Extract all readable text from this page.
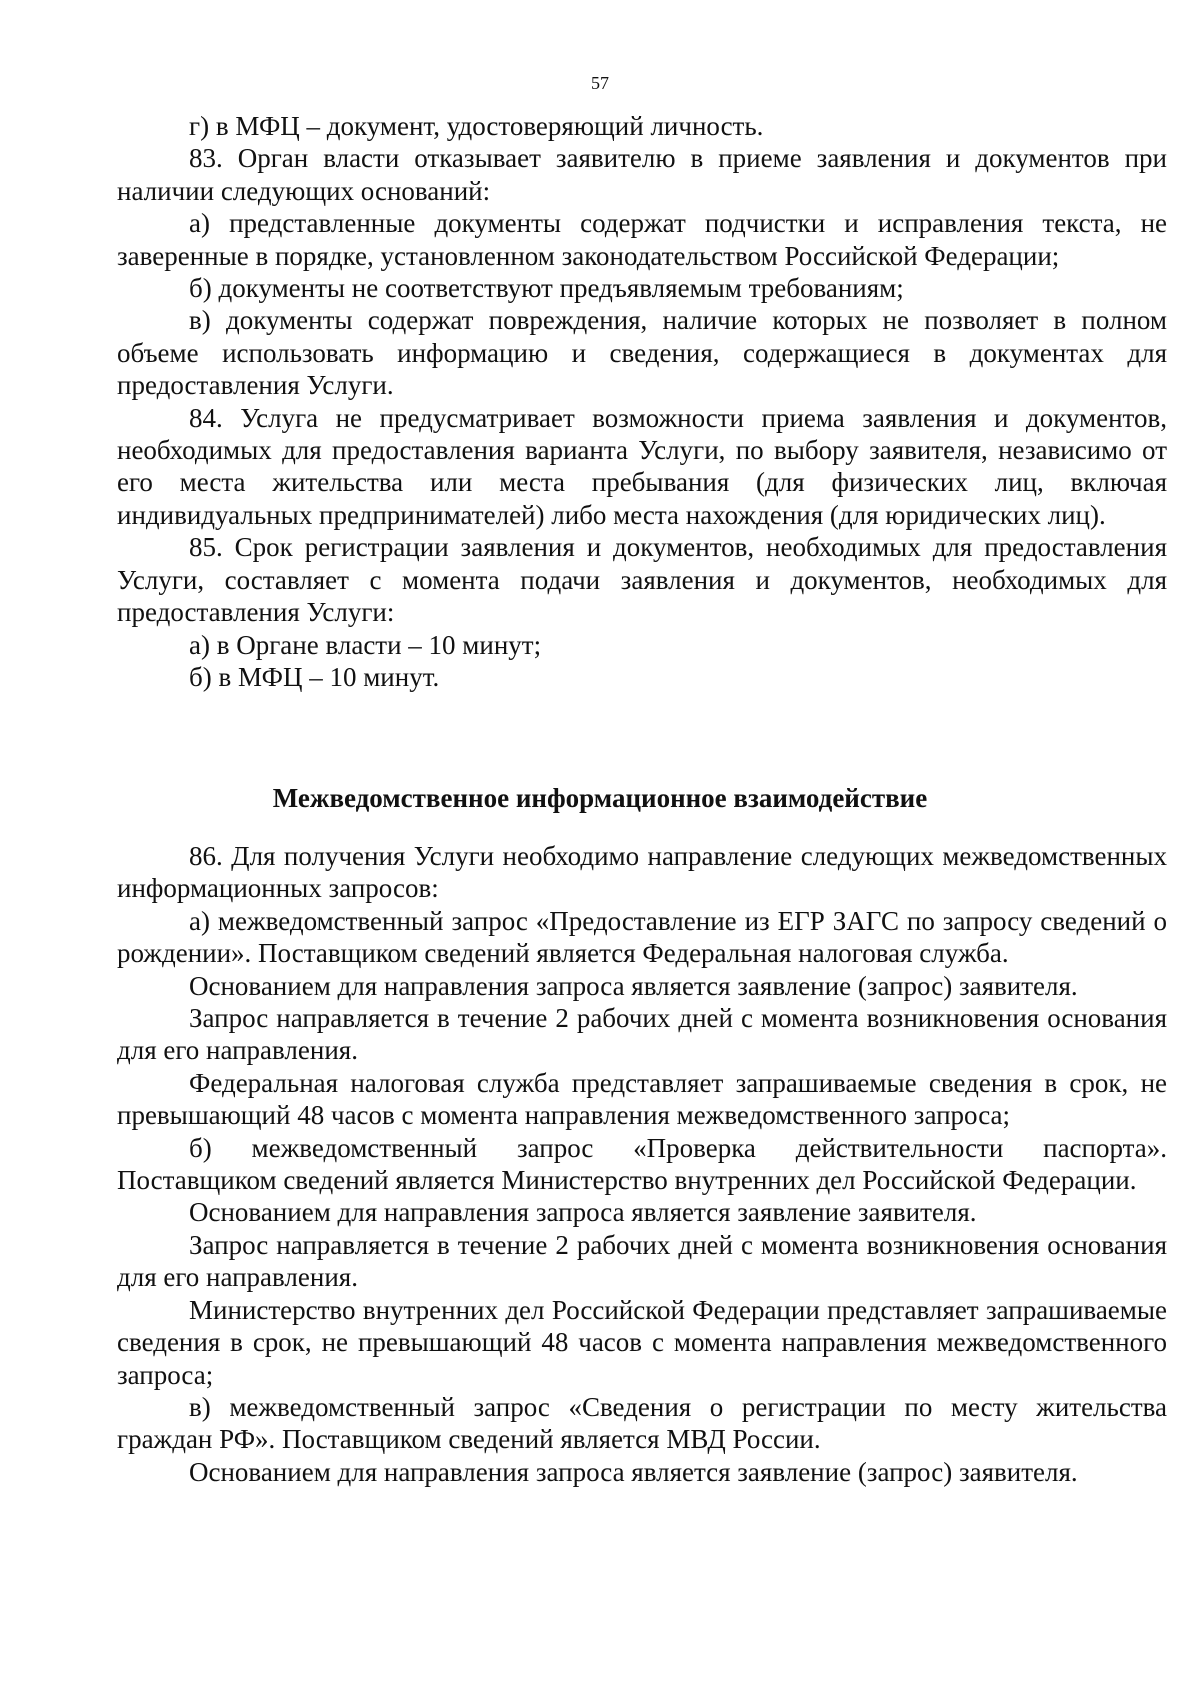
57

г) в МФЦ – документ, удостоверяющий личность.

83. Орган власти отказывает заявителю в приеме заявления и документов при наличии следующих оснований:

а) представленные документы содержат подчистки и исправления текста, не заверенные в порядке, установленном законодательством Российской Федерации;

б) документы не соответствуют предъявляемым требованиям;

в) документы содержат повреждения, наличие которых не позволяет в полном объеме использовать информацию и сведения, содержащиеся в документах для предоставления Услуги.

84. Услуга не предусматривает возможности приема заявления и документов, необходимых для предоставления варианта Услуги, по выбору заявителя, независимо от его места жительства или места пребывания (для физических лиц, включая индивидуальных предпринимателей) либо места нахождения (для юридических лиц).

85. Срок регистрации заявления и документов, необходимых для предоставления Услуги, составляет с момента подачи заявления и документов, необходимых для предоставления Услуги:

а) в Органе власти – 10 минут;

б) в МФЦ – 10 минут.

Межведомственное информационное взаимодействие

86. Для получения Услуги необходимо направление следующих межведомственных информационных запросов:

а) межведомственный запрос «Предоставление из ЕГР ЗАГС по запросу сведений о рождении». Поставщиком сведений является Федеральная налоговая служба.

Основанием для направления запроса является заявление (запрос) заявителя.

Запрос направляется в течение 2 рабочих дней с момента возникновения основания для его направления.

Федеральная налоговая служба представляет запрашиваемые сведения в срок, не превышающий 48 часов с момента направления межведомственного запроса;

б) межведомственный запрос «Проверка действительности паспорта». Поставщиком сведений является Министерство внутренних дел Российской Федерации.

Основанием для направления запроса является заявление заявителя.

Запрос направляется в течение 2 рабочих дней с момента возникновения основания для его направления.

Министерство внутренних дел Российской Федерации представляет запрашиваемые сведения в срок, не превышающий 48 часов с момента направления межведомственного запроса;

в) межведомственный запрос «Сведения о регистрации по месту жительства граждан РФ». Поставщиком сведений является МВД России.

Основанием для направления запроса является заявление (запрос) заявителя.
